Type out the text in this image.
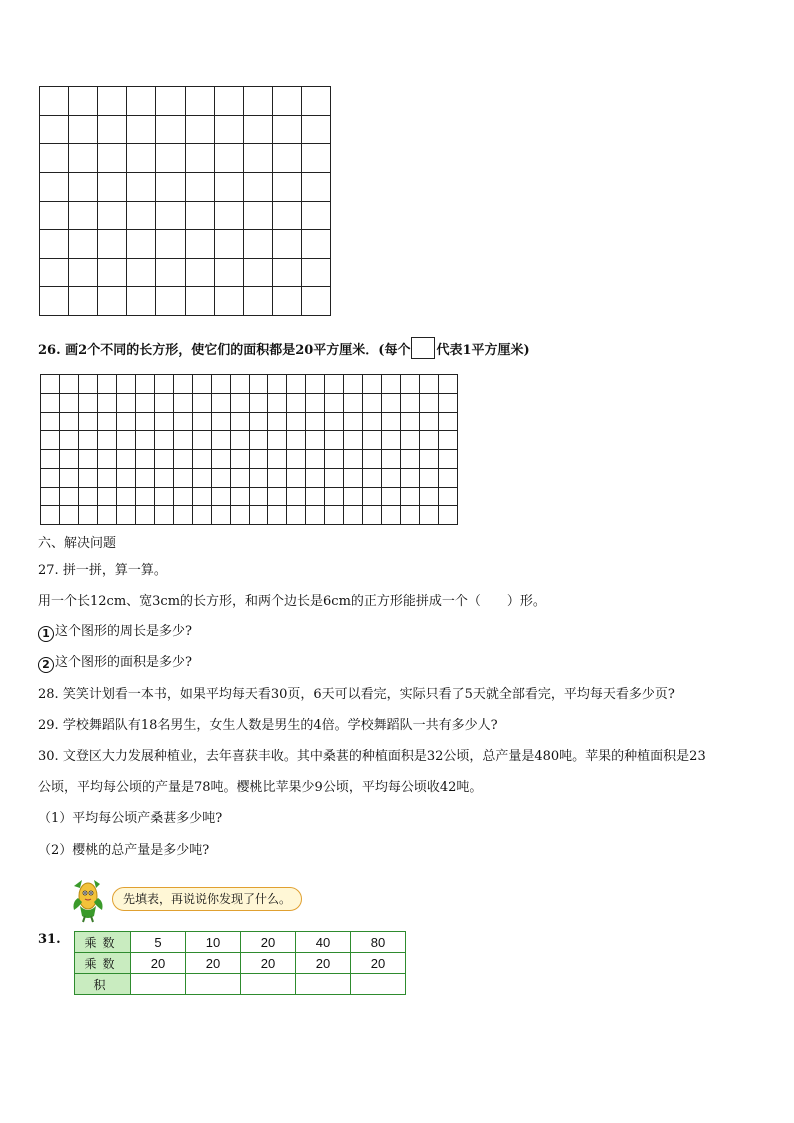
26. 画2个不同的长方形，使它们的面积都是20平方厘米．(每个 代表1平方厘米)
六、解决问题
27. 拼一拼，算一算。
用一个长12cm、宽3cm的长方形，和两个边长是6cm的正方形能拼成一个（　　）形。
1 这个图形的周长是多少?
2 这个图形的面积是多少?
28. 笑笑计划看一本书，如果平均每天看30页，6天可以看完，实际只看了5天就全部看完，平均每天看多少页?
29. 学校舞蹈队有18名男生，女生人数是男生的4倍。学校舞蹈队一共有多少人?
30. 文登区大力发展种植业，去年喜获丰收。其中桑葚的种植面积是32公顷，总产量是480吨。苹果的种植面积是23
公顷，平均每公顷的产量是78吨。樱桃比苹果少9公顷，平均每公顷收42吨。
（1）平均每公顷产桑葚多少吨?
（2）樱桃的总产量是多少吨?
先填表，再说说你发现了什么。
31. 乘数	5	10	20	40	80
乘数	20	20	20	20	20
积					
